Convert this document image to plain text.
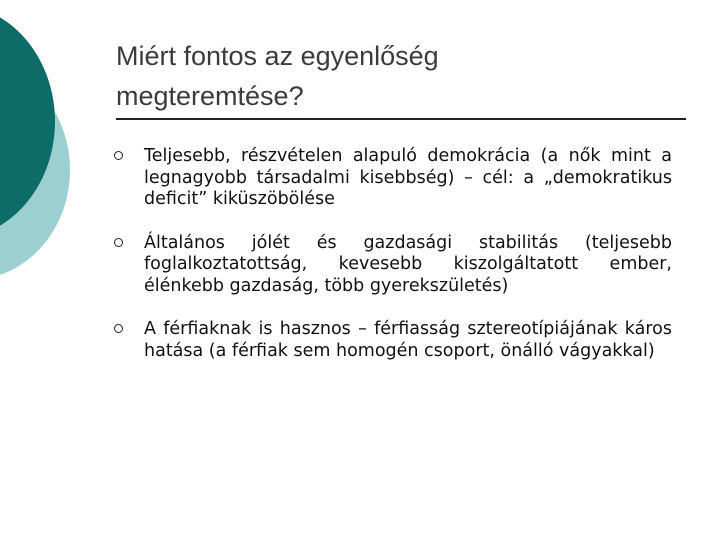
Miért fontos az egyenlőség
megteremtése?
Teljesebb, részvételen alapuló demokrácia (a nők mint a legnagyobb társadalmi kisebbség) – cél: a „demokratikus deficit” kiküszöbölése
Általános jólét és gazdasági stabilitás (teljesebb foglalkoztatottság, kevesebb kiszolgáltatott ember, élénkebb gazdaság, több gyerekszületés)
A férfiaknak is hasznos – férfiasság sztereotípiájának káros hatása (a férfiak sem homogén csoport, önálló vágyakkal)
